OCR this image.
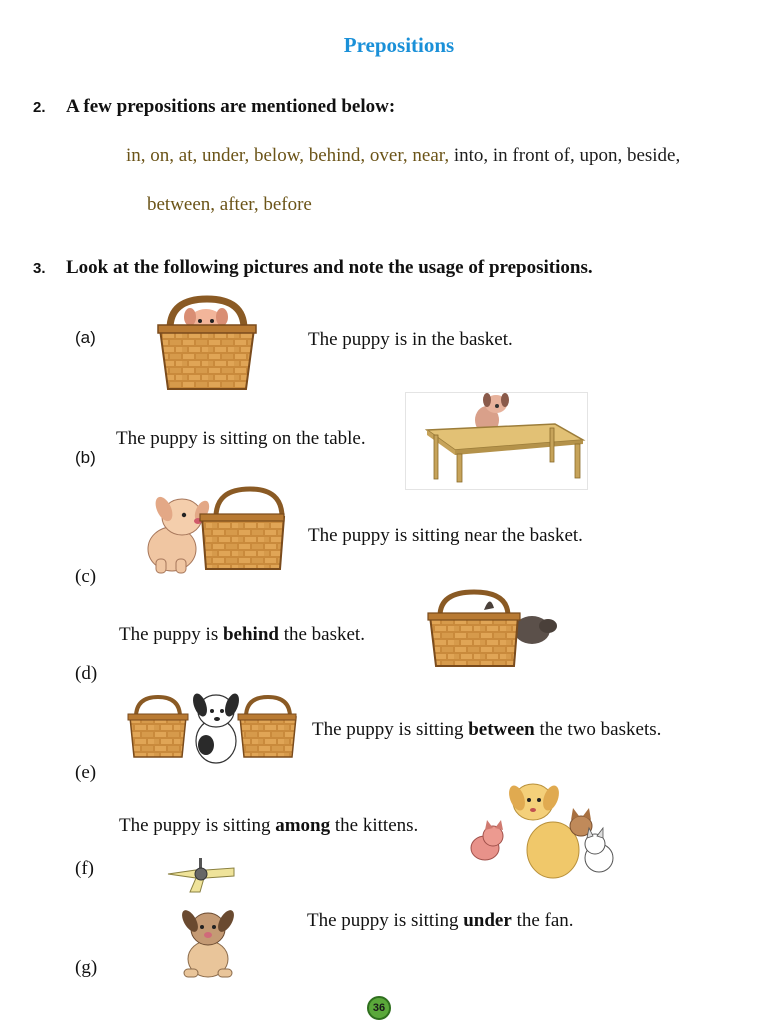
Prepositions
2. A few prepositions are mentioned below:
in, on, at, under, below, behind, over, near, into, in front of, upon, beside,
between, after, before
3. Look at the following pictures and note the usage of prepositions.
(a)	The puppy is in the basket.
The puppy is sitting on the table.
(b)
The puppy is sitting near the basket.
(c)
The puppy is behind the basket.
(d)
The puppy is sitting between the two baskets.
(e)
The puppy is sitting among the kittens.
(f)
The puppy is sitting under the fan.
(g)
36
